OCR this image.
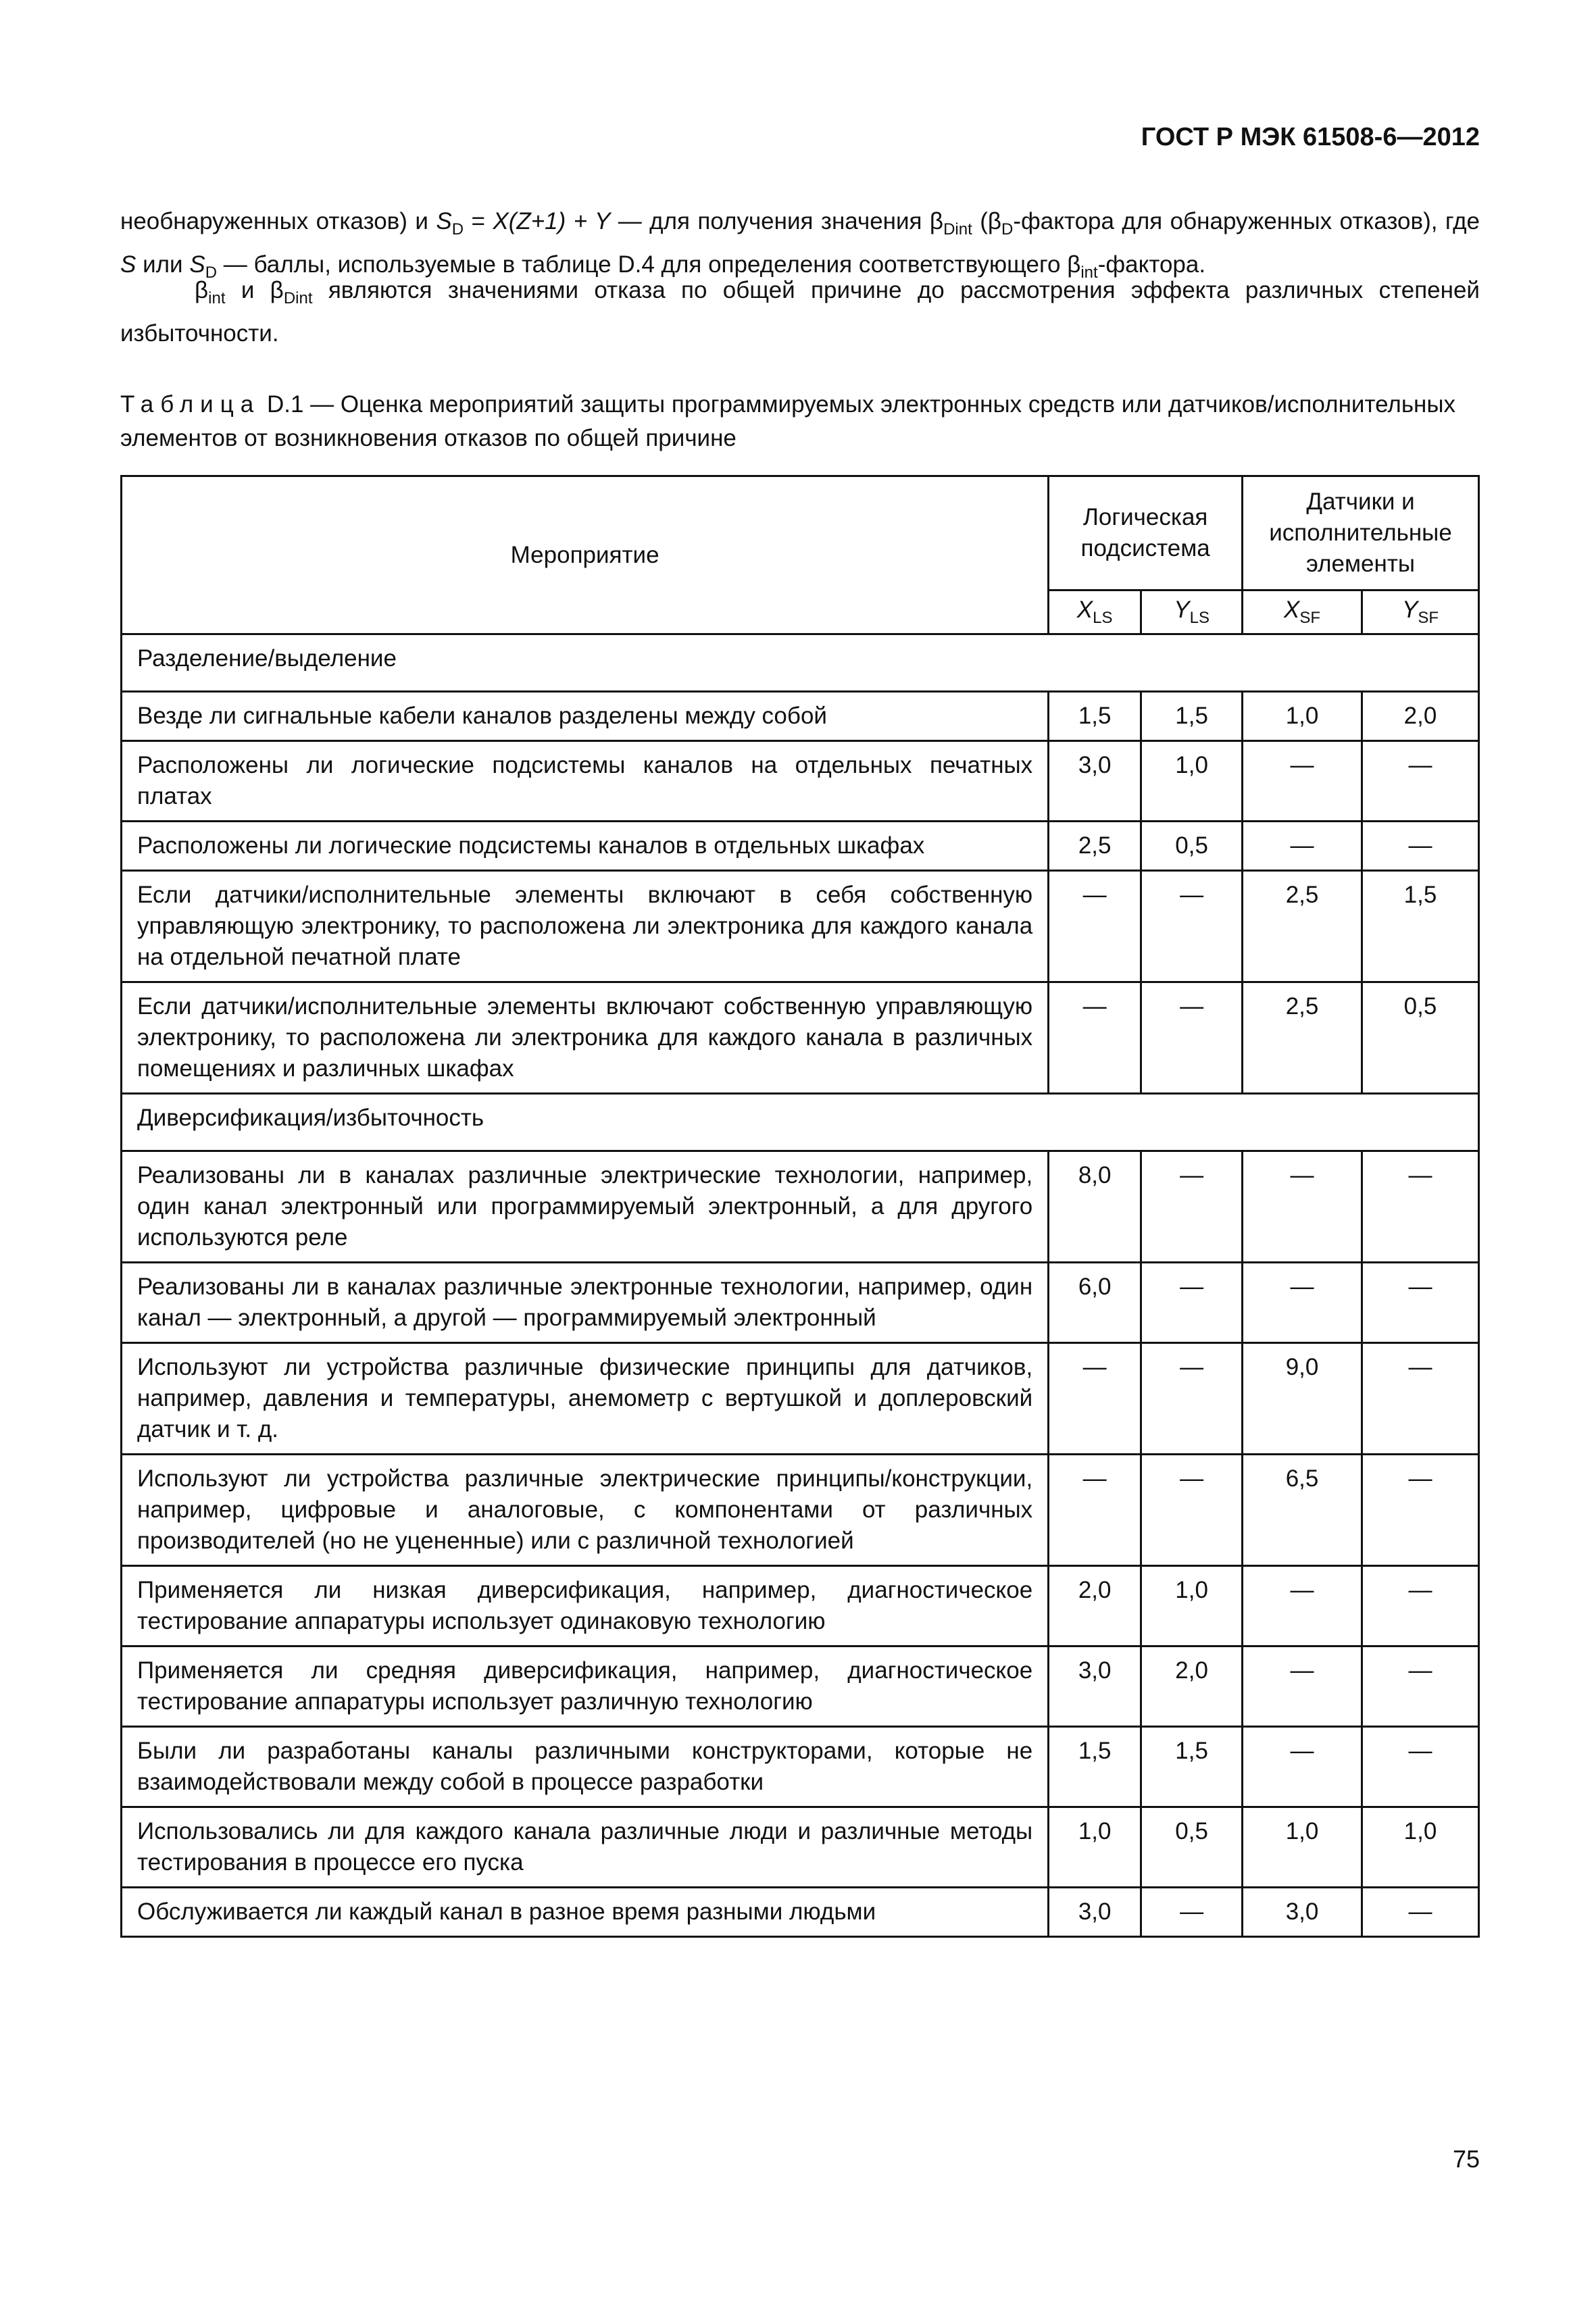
ГОСТ Р МЭК 61508-6—2012
необнаруженных отказов) и $S_D = X(Z+1) + Y$ — для получения значения $\beta_{Dint}$ ($\beta_D$-фактора для обнаруженных отказов), где S или $S_D$ — баллы, используемые в таблице D.4 для определения соответствующего $\beta_{int}$-фактора.
$\beta_{int}$ и $\beta_{Dint}$ являются значениями отказа по общей причине до рассмотрения эффекта различных степеней избыточности.
Таблица D.1 — Оценка мероприятий защиты программируемых электронных средств или датчиков/исполнительных элементов от возникновения отказов по общей причине
Мероприятие	Логическая подсистема		Датчики и исполнительные элементы	
	$X_{LS}$	$Y_{LS}$	$X_{SF}$	$Y_{SF}$
Разделение/выделение				
Везде ли сигнальные кабели каналов разделены между собой	1,5	1,5	1,0	2,0
Расположены ли логические подсистемы каналов на отдельных печатных платах	3,0	1,0	—	—
Расположены ли логические подсистемы каналов в отдельных шкафах	2,5	0,5	—	—
Если датчики/исполнительные элементы включают в себя собственную управляющую электронику, то расположена ли электроника для каждого канала на отдельной печатной плате	—	—	2,5	1,5
Если датчики/исполнительные элементы включают собственную управляющую электронику, то расположена ли электроника для каждого канала в различных помещениях и различных шкафах	—	—	2,5	0,5
Диверсификация/избыточность				
Реализованы ли в каналах различные электрические технологии, например, один канал электронный или программируемый электронный, а для другого используются реле	8,0	—	—	—
Реализованы ли в каналах различные электронные технологии, например, один канал — электронный, а другой — программируемый электронный	6,0	—	—	—
Используют ли устройства различные физические принципы для датчиков, например, давления и температуры, анемометр с вертушкой и доплеровский датчик и т. д.	—	—	9,0	—
Используют ли устройства различные электрические принципы/конструкции, например, цифровые и аналоговые, с компонентами от различных производителей (но не уцененные) или с различной технологией	—	—	6,5	—
Применяется ли низкая диверсификация, например, диагностическое тестирование аппаратуры использует одинаковую технологию	2,0	1,0	—	—
Применяется ли средняя диверсификация, например, диагностическое тестирование аппаратуры использует различную технологию	3,0	2,0	—	—
Были ли разработаны каналы различными конструкторами, которые не взаимодействовали между собой в процессе разработки	1,5	1,5	—	—
Использовались ли для каждого канала различные люди и различные методы тестирования в процессе его пуска	1,0	0,5	1,0	1,0
Обслуживается ли каждый канал в разное время разными людьми	3,0	—	3,0	—
75
